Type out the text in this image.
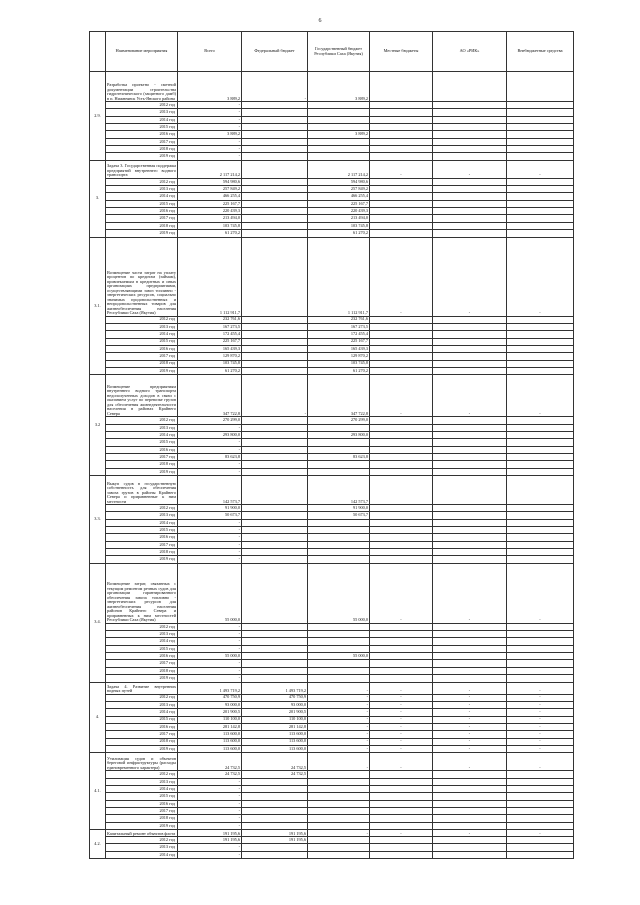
6
	Наименование мероприятия	Всего	Федеральный бюджет	Государственный бюджет Республики Саха (Якутия)	Местные бюджеты	АО «РИК»	Внебюджетные средства
2.9.	Разработка проектно - сметной документации строительства гидротехнического (защитного дамб) в п. Нижнеянск Усть-Янского района	3 889,2	-	3 889,2			
	2012 год	-					
	2013 год	-					
	2014 год	-					
	2015 год	-					
	2016 год	3 889,2		3 889,2			
	2017 год	-					
	2018 год	-					
	2019 год	-					
3.	Задача 3. Государственная поддержка предприятий внутреннего водного транспорта	2 117 214,2		2 117 214,2	-	-	-
	2012 год	594 980,6		594 980,6			
	2013 год	257 849,2		257 849,2			
	2014 год	466 255,4		466 255,4			
	2015 год	225 167,7		225 167,7			
	2016 год	220 439,3		220 439,3			
	2017 год	213 494,0		213 494,0			
	2018 год	103 745,8		103 745,8			
	2019 год	61 270,2		61 270,2			
3.1.	Возмещение части затрат на уплату процентов по кредитам (займам), привлекаемым в кредитных и иных организациях предприятиями, осуществляющими завоз топливно - энергетических ресурсов, социально значимых продовольственных и непродовольственных товаров для жизнеобеспечения населения Республики Саха (Якутия)	1 112 911,7		1 112 911,7	-	-	-
	2012 год	232 761,6		232 761,6			
	2013 год	167 273,5		167 273,5			
	2014 год	172 455,4		172 455,4			
	2015 год	225 167,7		225 167,7			
	2016 год	165 439,3		165 439,3			
	2017 год	129 870,2		129 870,2			
	2018 год	103 745,8		103 745,8			
	2019 год	61 270,2		61 270,2			
3.2	Возмещение предприятиям внутреннего водного транспорта недополученных доходов в связи с оказанием услуг по перевозке грузов для обеспечения жизнедеятельности населения в районах Крайнего Севера	347 722,8	-	347 722,8	-	-	-
	2012 год	270 299,0		270 299,0			
	2013 год	-					
	2014 год	293 800,0		293 800,0			
	2015 год	-					
	2016 год	-					
	2017 год	83 623,8		83 623,8			
	2018 год	-					
	2019 год	-					
3.3.	Выкуп судов в государственную собственность для обеспечения завоза грузов в районы Крайнего Севера и приравненные к ним местности	142 573,7		142 573,7			
	2012 год	91 900,0		91 900,0			
	2013 год	50 673,7		50 673,7			
	2014 год	-					
	2015 год	-					
	2016 год	-					
	2017 год	-					
	2018 год	-					
	2019 год	-					
3.4.	Возмещение затрат, связанных с текущим ремонтом речных судов для организации гарантированного обеспечения завоза топливно - энергетических ресурсов для жизнеобеспечения населения районов Крайнего Севера и приравненных к ним местностей Республики Саха (Якутия)	55 000,0		55 000,0	-	-	-
	2012 год	-					
	2013 год	-					
	2014 год	-					
	2015 год	-					
	2016 год	55 000,0		55 000,0			
	2017 год	-					
	2018 год	-					
	2019 год	-					
4.	Задача 4. Развитие внутренних водных путей	1 493 719,2	1 493 719,2	-	-	-	-
	2012 год	470 750,9	470 750,9	-	-	-	-
	2013 год	93 000,0	93 000,0	-	-	-	-
	2014 год	201 900,5	201 900,5	-	-	-	-
	2015 год	110 100,0	110 100,0	-	-	-	-
	2016 год	281 142,8	281 142,8	-	-	-	-
	2017 год	113 600,0	113 600,0	-	-	-	-
	2018 год	113 600,0	113 600,0	-	-	-	-
	2019 год	113 600,0	113 600,0	-	-	-	-
4.1.	Утилизация судов и объектов береговой инфраструктуры (расходы единовременного характера)	24 732,5	24 732,5	-	-	-	-
	2012 год	24 732,5	24 732,5				
	2013 год	-					
	2014 год	-					
	2015 год	-					
	2016 год	-					
	2017 год	-					
	2018 год	-					
	2019 год	-					
4.2.	Капитальный ремонт объектов флота	191 195,6	191 195,6	-	-	-	-
	2012 год	191 195,6	191 195,6				
	2013 год	-					
	2014 год	-					
